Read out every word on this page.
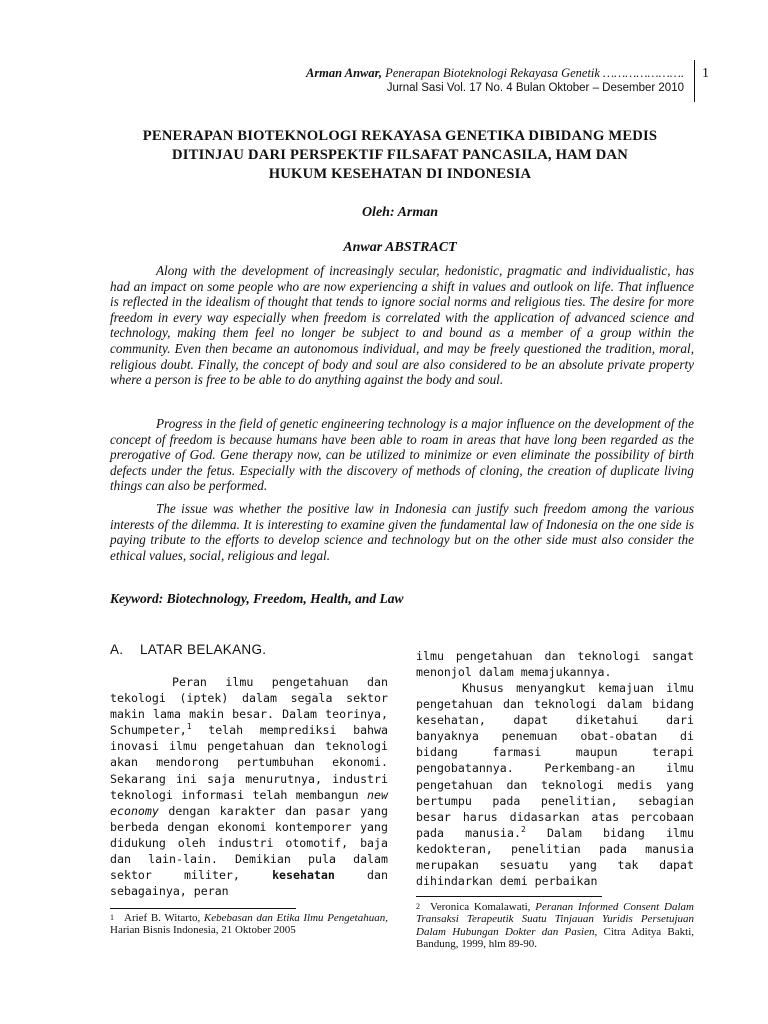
Arman Anwar, Penerapan Bioteknologi Rekayasa Genetik ………………….
Jurnal Sasi Vol. 17 No. 4 Bulan Oktober – Desember 2010
1
PENERAPAN BIOTEKNOLOGI REKAYASA GENETIKA DIBIDANG MEDIS
DITINJAU DARI PERSPEKTIF FILSAFAT PANCASILA, HAM DAN
HUKUM KESEHATAN DI INDONESIA
Oleh: Arman
Anwar ABSTRACT

Along with the development of increasingly secular, hedonistic, pragmatic and individualistic, has had an impact on some people who are now experiencing a shift in values and outlook on life. That influence is reflected in the idealism of thought that tends to ignore social norms and religious ties. The desire for more freedom in every way especially when freedom is correlated with the application of advanced science and technology, making them feel no longer be subject to and bound as a member of a group within the community. Even then became an autonomous individual, and may be freely questioned the tradition, moral, religious doubt. Finally, the concept of body and soul are also considered to be an absolute private property where a person is free to be able to do anything against the body and soul.

Progress in the field of genetic engineering technology is a major influence on the development of the concept of freedom is because humans have been able to roam in areas that have long been regarded as the prerogative of God. Gene therapy now, can be utilized to minimize or even eliminate the possibility of birth defects under the fetus. Especially with the discovery of methods of cloning, the creation of duplicate living things can also be performed.

The issue was whether the positive law in Indonesia can justify such freedom among the various interests of the dilemma. It is interesting to examine given the fundamental law of Indonesia on the one side is paying tribute to the efforts to develop science and technology but on the other side must also consider the ethical values, social, religious and legal.

Keyword: Biotechnology, Freedom, Health, and Law
A. LATAR BELAKANG.

Peran ilmu pengetahuan dan tekologi (iptek) dalam segala sektor makin lama makin besar. Dalam teorinya, Schumpeter,$^1$ telah memprediksi bahwa inovasi ilmu pengetahuan dan teknologi akan mendorong pertumbuhan ekonomi. Sekarang ini saja menurutnya, industri teknologi informasi telah membangun new economy dengan karakter dan pasar yang berbeda dengan ekonomi kontemporer yang didukung oleh industri otomotif, baja dan lain-lain. Demikian pula dalam sektor militer, kesehatan dan sebagainya, peran

ilmu pengetahuan dan teknologi sangat menonjol dalam memajukannya.

Khusus menyangkut kemajuan ilmu pengetahuan dan teknologi dalam bidang kesehatan, dapat diketahui dari banyaknya penemuan obat-obatan di bidang farmasi maupun terapi pengobatannya. Perkembang-an ilmu pengetahuan dan teknologi medis yang bertumpu pada penelitian, sebagian besar harus didasarkan atas percobaan pada manusia.$^2$ Dalam bidang ilmu kedokteran, penelitian pada manusia merupakan sesuatu yang tak dapat dihindarkan demi perbaikan

1 Arief B. Witarto, Kebebasan dan Etika Ilmu Pengetahuan, Harian Bisnis Indonesia, 21 Oktober 2005

2 Veronica Komalawati, Peranan Informed Consent Dalam Transaksi Terapeutik Suatu Tinjauan Yuridis Persetujuan Dalam Hubungan Dokter dan Pasien, Citra Aditya Bakti, Bandung, 1999, hlm 89-90.
